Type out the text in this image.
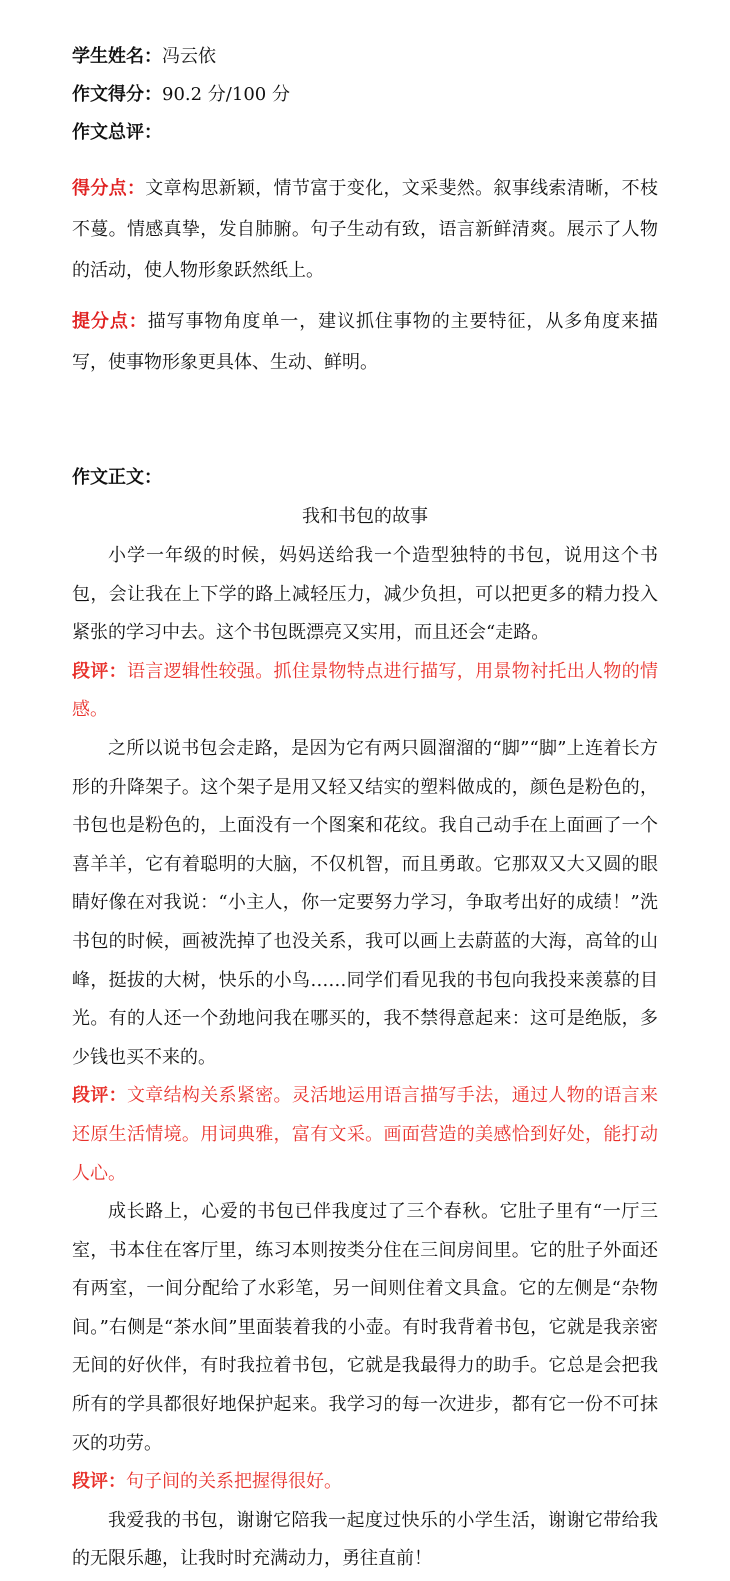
学生姓名：冯云依

作文得分：90.2 分/100 分

作文总评：

得分点：文章构思新颖，情节富于变化，文采斐然。叙事线索清晰，不枝不蔓。情感真挚，发自肺腑。句子生动有致，语言新鲜清爽。展示了人物的活动，使人物形象跃然纸上。

提分点：描写事物角度单一，建议抓住事物的主要特征，从多角度来描写，使事物形象更具体、生动、鲜明。

作文正文：

我和书包的故事

小学一年级的时候，妈妈送给我一个造型独特的书包，说用这个书包，会让我在上下学的路上减轻压力，减少负担，可以把更多的精力投入紧张的学习中去。这个书包既漂亮又实用，而且还会“走路。

段评：语言逻辑性较强。抓住景物特点进行描写，用景物衬托出人物的情感。

之所以说书包会走路，是因为它有两只圆溜溜的“脚”“脚”上连着长方形的升降架子。这个架子是用又轻又结实的塑料做成的，颜色是粉色的，书包也是粉色的，上面没有一个图案和花纹。我自己动手在上面画了一个喜羊羊，它有着聪明的大脑，不仅机智，而且勇敢。它那双又大又圆的眼睛好像在对我说：“小主人，你一定要努力学习，争取考出好的成绩！”洗书包的时候，画被洗掉了也没关系，我可以画上去蔚蓝的大海，高耸的山峰，挺拔的大树，快乐的小鸟……同学们看见我的书包向我投来羡慕的目光。有的人还一个劲地问我在哪买的，我不禁得意起来：这可是绝版，多少钱也买不来的。

段评：文章结构关系紧密。灵活地运用语言描写手法，通过人物的语言来还原生活情境。用词典雅，富有文采。画面营造的美感恰到好处，能打动人心。

成长路上，心爱的书包已伴我度过了三个春秋。它肚子里有“一厅三室，书本住在客厅里，练习本则按类分住在三间房间里。它的肚子外面还有两室，一间分配给了水彩笔，另一间则住着文具盒。它的左侧是“杂物间。”右侧是“茶水间”里面装着我的小壶。有时我背着书包，它就是我亲密无间的好伙伴，有时我拉着书包，它就是我最得力的助手。它总是会把我所有的学具都很好地保护起来。我学习的每一次进步，都有它一份不可抹灭的功劳。

段评：句子间的关系把握得很好。

我爱我的书包，谢谢它陪我一起度过快乐的小学生活，谢谢它带给我的无限乐趣，让我时时充满动力，勇往直前！
